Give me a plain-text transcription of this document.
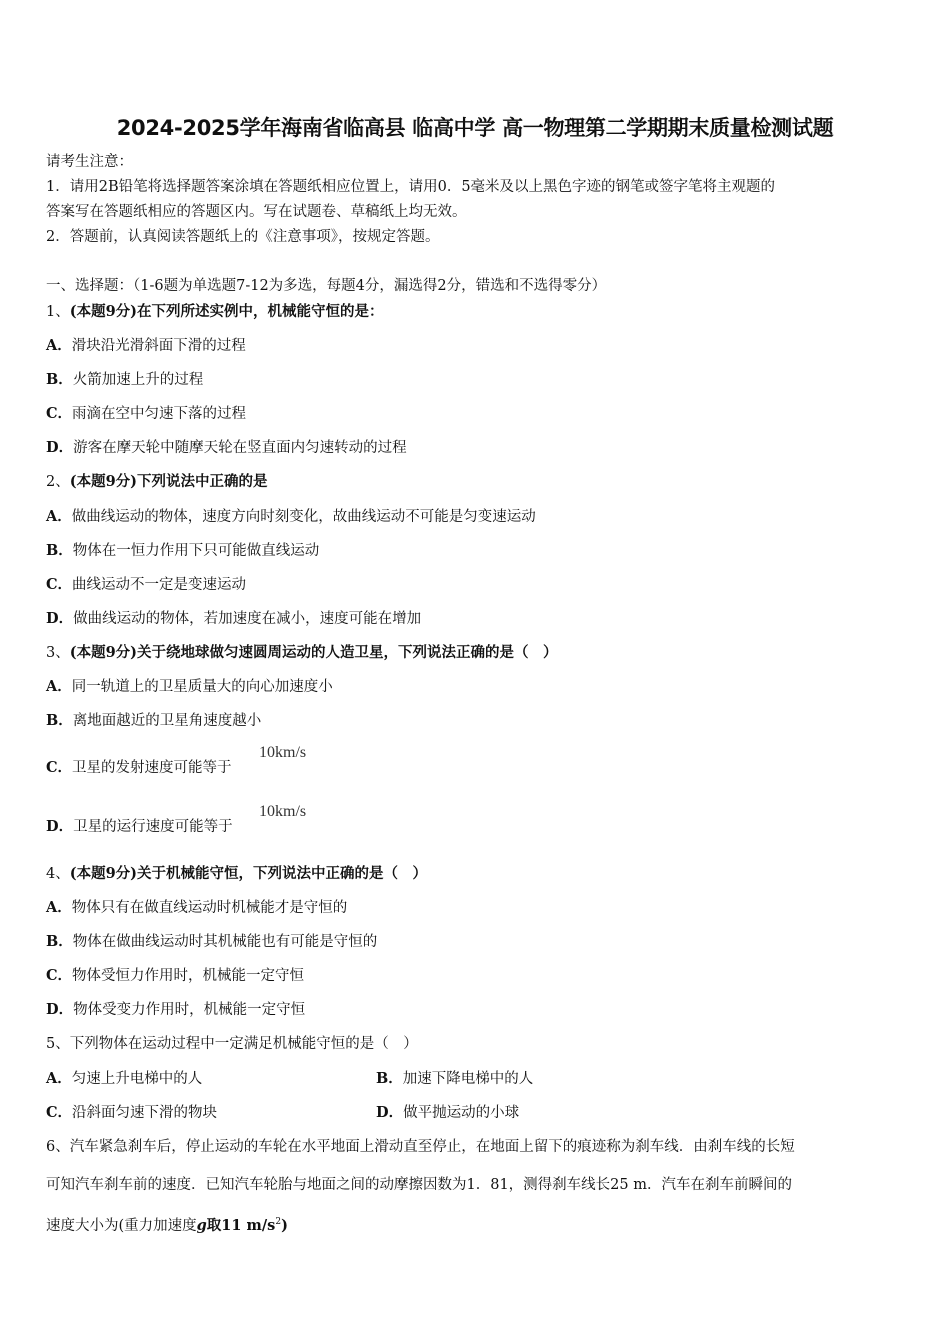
2024-2025学年海南省临高县 临高中学 高一物理第二学期期末质量检测试题
请考生注意：
1．请用2B铅笔将选择题答案涂填在答题纸相应位置上，请用0．5毫米及以上黑色字迹的钢笔或签字笔将主观题的
答案写在答题纸相应的答题区内。写在试题卷、草稿纸上均无效。
2．答题前，认真阅读答题纸上的《注意事项》，按规定答题。
一、选择题：（1-6题为单选题7-12为多选，每题4分，漏选得2分，错选和不选得零分）
1、(本题9分)在下列所述实例中，机械能守恒的是：
A．滑块沿光滑斜面下滑的过程
B．火箭加速上升的过程
C．雨滴在空中匀速下落的过程
D．游客在摩天轮中随摩天轮在竖直面内匀速转动的过程
2、(本题9分)下列说法中正确的是
A．做曲线运动的物体，速度方向时刻变化，故曲线运动不可能是匀变速运动
B．物体在一恒力作用下只可能做直线运动
C．曲线运动不一定是变速运动
D．做曲线运动的物体，若加速度在减小，速度可能在增加
3、(本题9分)关于绕地球做匀速圆周运动的人造卫星，下列说法正确的是（　）
A．同一轨道上的卫星质量大的向心加速度小
B．离地面越近的卫星角速度越小
C．卫星的发射速度可能等于
10km/s
D．卫星的运行速度可能等于
10km/s
4、(本题9分)关于机械能守恒，下列说法中正确的是（　）
A．物体只有在做直线运动时机械能才是守恒的
B．物体在做曲线运动时其机械能也有可能是守恒的
C．物体受恒力作用时，机械能一定守恒
D．物体受变力作用时，机械能一定守恒
5、下列物体在运动过程中一定满足机械能守恒的是（　）
A．匀速上升电梯中的人	B．加速下降电梯中的人
C．沿斜面匀速下滑的物块	D．做平抛运动的小球
6、汽车紧急刹车后，停止运动的车轮在水平地面上滑动直至停止，在地面上留下的痕迹称为刹车线．由刹车线的长短
可知汽车刹车前的速度．已知汽车轮胎与地面之间的动摩擦因数为1．81，测得刹车线长25 m．汽车在刹车前瞬间的
速度大小为(重力加速度g取11 $m/s^2$)
